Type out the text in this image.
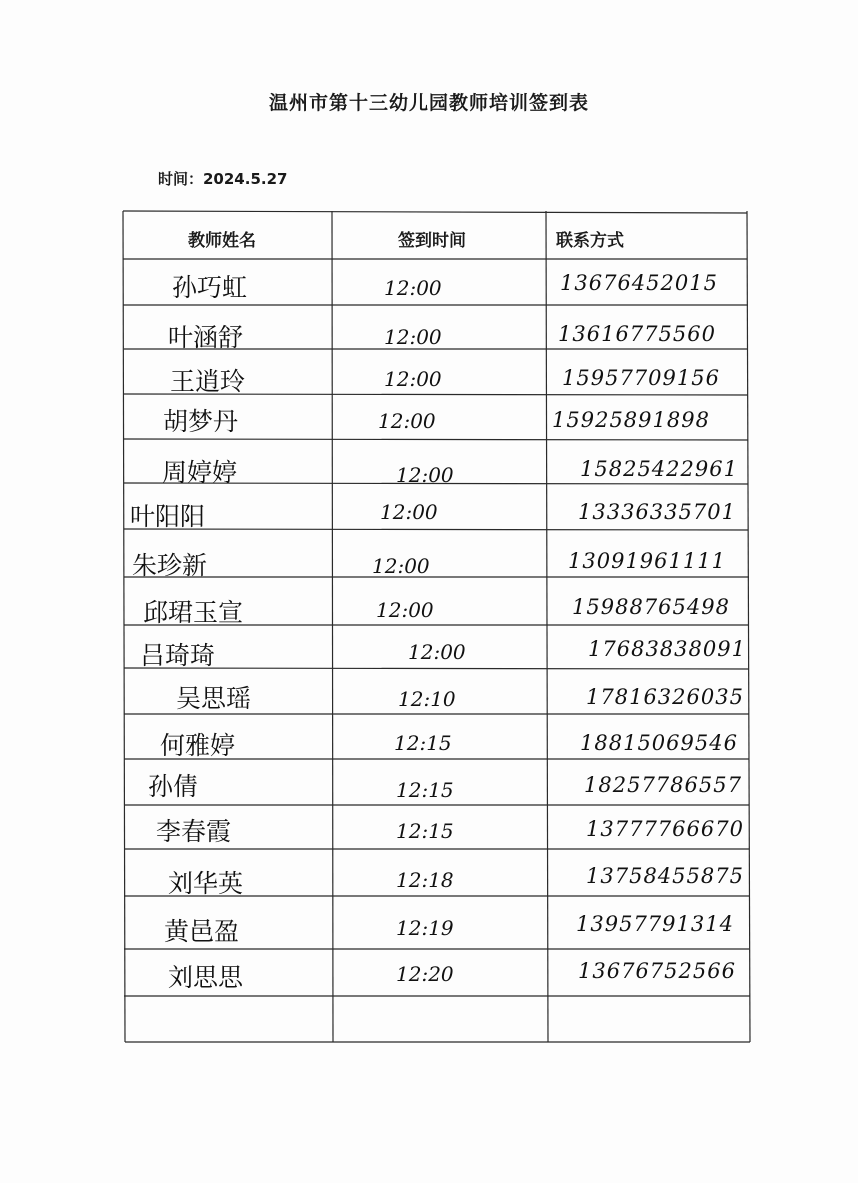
温州市第十三幼儿园教师培训签到表
时间：2024.5.27
教师姓名	签到时间	联系方式
孙巧虹	12:00	13676452015
叶涵舒	12:00	13616775560
王逍玲	12:00	15957709156
胡梦丹	12:00	15925891898
周婷婷	12:00	15825422961
叶阳阳	12:00	13336335701
朱珍新	12:00	13091961111
邱珺玉宣	12:00	15988765498
吕琦琦	12:00	17683838091
吴思瑶	12:10	17816326035
何雅婷	12:15	18815069546
孙倩	12:15	18257786557
李春霞	12:15	13777766670
刘华英	12:18	13758455875
黄邑盈	12:19	13957791314
刘思思	12:20	13676752566
